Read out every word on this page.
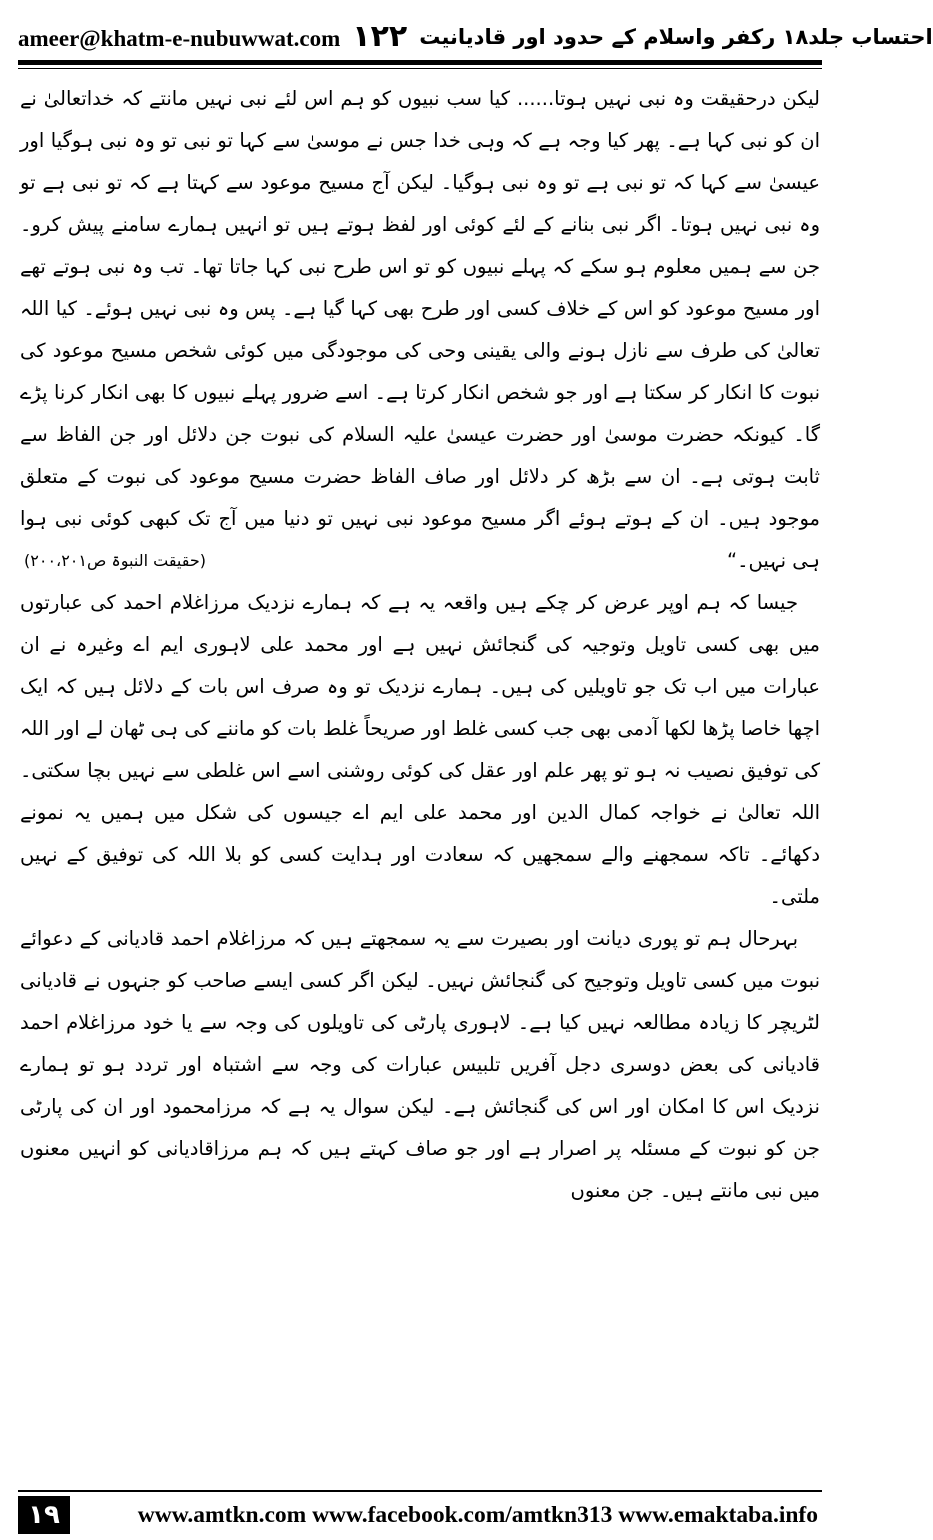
ameer@khatm-e-nubuwwat.com	احتساب جلد۱۸ رکفر واسلام کے حدود اور قادیانیت
۱۲۲

لیکن درحقیقت وہ نبی نہیں ہوتا...... کیا سب نبیوں کو ہم اس لئے نبی نہیں مانتے کہ خداتعالیٰ نے ان کو نبی کہا ہے۔ پھر کیا وجہ ہے کہ وہی خدا جس نے موسیٰ سے کہا تو نبی تو وہ نبی ہوگیا اور عیسیٰ سے کہا کہ تو نبی ہے تو وہ نبی ہوگیا۔ لیکن آج مسیح موعود سے کہتا ہے کہ تو نبی ہے تو وہ نبی نہیں ہوتا۔ اگر نبی بنانے کے لئے کوئی اور لفظ ہوتے ہیں تو انہیں ہمارے سامنے پیش کرو۔ جن سے ہمیں معلوم ہو سکے کہ پہلے نبیوں کو تو اس طرح نبی کہا جاتا تھا۔ تب وہ نبی ہوتے تھے اور مسیح موعود کو اس کے خلاف کسی اور طرح بھی کہا گیا ہے۔ پس وہ نبی نہیں ہوئے۔ کیا اللہ تعالیٰ کی طرف سے نازل ہونے والی یقینی وحی کی موجودگی میں کوئی شخص مسیح موعود کی نبوت کا انکار کر سکتا ہے اور جو شخص انکار کرتا ہے۔ اسے ضرور پہلے نبیوں کا بھی انکار کرنا پڑے گا۔ کیونکہ حضرت موسیٰ اور حضرت عیسیٰ علیہ السلام کی نبوت جن دلائل اور جن الفاظ سے ثابت ہوتی ہے۔ ان سے بڑھ کر دلائل اور صاف الفاظ حضرت مسیح موعود کی نبوت کے متعلق موجود ہیں۔ ان کے ہوتے ہوئے اگر مسیح موعود نبی نہیں تو دنیا میں آج تک کبھی کوئی نبی ہوا ہی نہیں۔“
(حقیقت النبوۃ ص۲۰۰،۲۰۱)

جیسا کہ ہم اوپر عرض کر چکے ہیں واقعہ یہ ہے کہ ہمارے نزدیک مرزاغلام احمد کی عبارتوں میں بھی کسی تاویل وتوجیہ کی گنجائش نہیں ہے اور محمد علی لاہوری ایم اے وغیرہ نے ان عبارات میں اب تک جو تاویلیں کی ہیں۔ ہمارے نزدیک تو وہ صرف اس بات کے دلائل ہیں کہ ایک اچھا خاصا پڑھا لکھا آدمی بھی جب کسی غلط اور صریحاً غلط بات کو ماننے کی ہی ٹھان لے اور اللہ کی توفیق نصیب نہ ہو تو پھر علم اور عقل کی کوئی روشنی اسے اس غلطی سے نہیں بچا سکتی۔ اللہ تعالیٰ نے خواجہ کمال الدین اور محمد علی ایم اے جیسوں کی شکل میں ہمیں یہ نمونے دکھائے۔ تاکہ سمجھنے والے سمجھیں کہ سعادت اور ہدایت کسی کو بلا اللہ کی توفیق کے نہیں ملتی۔

بہرحال ہم تو پوری دیانت اور بصیرت سے یہ سمجھتے ہیں کہ مرزاغلام احمد قادیانی کے دعوائے نبوت میں کسی تاویل وتوجیح کی گنجائش نہیں۔ لیکن اگر کسی ایسے صاحب کو جنہوں نے قادیانی لٹریچر کا زیادہ مطالعہ نہیں کیا ہے۔ لاہوری پارٹی کی تاویلوں کی وجہ سے یا خود مرزاغلام احمد قادیانی کی بعض دوسری دجل آفریں تلبیس عبارات کی وجہ سے اشتباہ اور تردد ہو تو ہمارے نزدیک اس کا امکان اور اس کی گنجائش ہے۔ لیکن سوال یہ ہے کہ مرزامحمود اور ان کی پارٹی جن کو نبوت کے مسئلہ پر اصرار ہے اور جو صاف کہتے ہیں کہ ہم مرزاقادیانی کو انہیں معنوں میں نبی مانتے ہیں۔ جن معنوں

۱۹	www.amtkn.com www.facebook.com/amtkn313 www.emaktaba.info
